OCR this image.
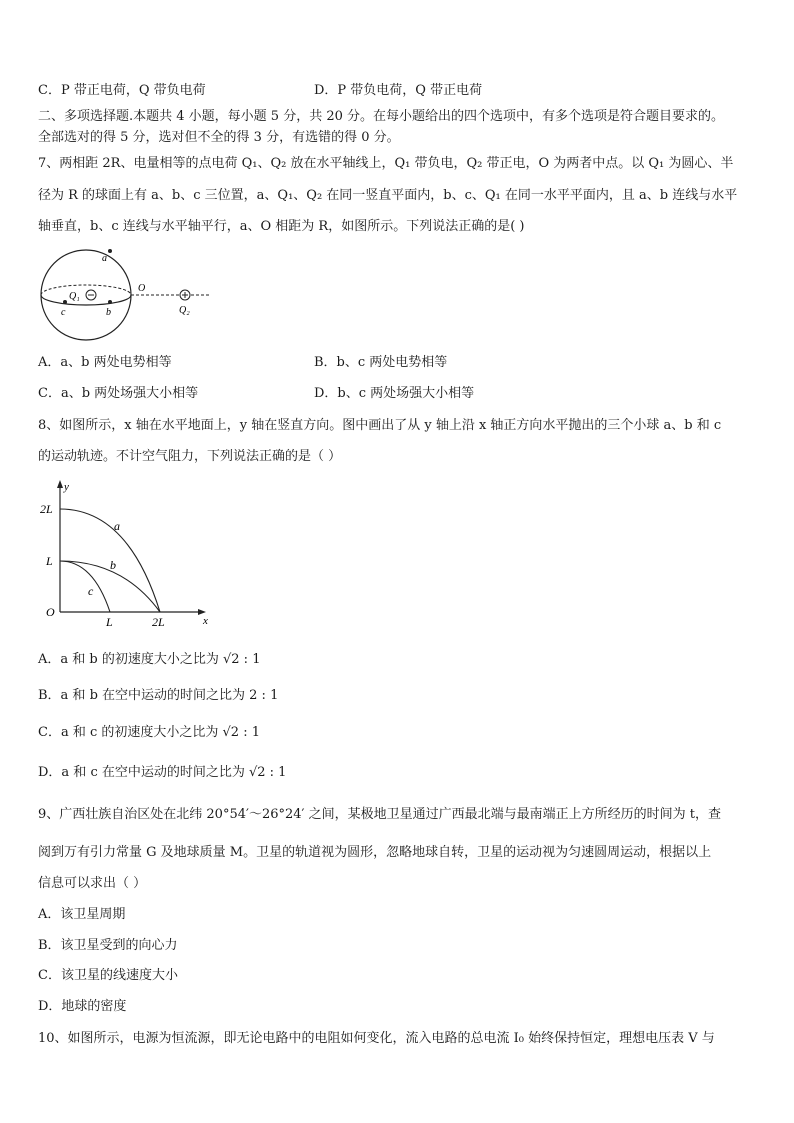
C．P 带正电荷，Q 带负电荷	D．P 带负电荷，Q 带正电荷
二、多项选择题.本题共 4 小题，每小题 5 分，共 20 分。在每小题给出的四个选项中，有多个选项是符合题目要求的。
全部选对的得 5 分，选对但不全的得 3 分，有选错的得 0 分。
7、两相距 2R、电量相等的点电荷 Q₁、Q₂ 放在水平轴线上，Q₁ 带负电，Q₂ 带正电，O 为两者中点。以 Q₁ 为圆心、半
径为 R 的球面上有 a、b、c 三位置，a、Q₁、Q₂ 在同一竖直平面内，b、c、Q₁ 在同一水平平面内，且 a、b 连线与水平
轴垂直，b、c 连线与水平轴平行，a、O 相距为 R，如图所示。下列说法正确的是( )
a
c	b
Q₁
O
Q₂
A．a、b 两处电势相等	B．b、c 两处电势相等
C．a、b 两处场强大小相等	D．b、c 两处场强大小相等
8、如图所示，x 轴在水平地面上，y 轴在竖直方向。图中画出了从 y 轴上沿 x 轴正方向水平抛出的三个小球 a、b 和 c
的运动轨迹。不计空气阻力，下列说法正确的是（ ）
y
x
2L
L
O
L	2L
a
b
c
A．a 和 b 的初速度大小之比为 √2 : 1
B．a 和 b 在空中运动的时间之比为 2 : 1
C．a 和 c 的初速度大小之比为 √2 : 1
D．a 和 c 在空中运动的时间之比为 √2 : 1
9、广西壮族自治区处在北纬 20°54′～26°24′ 之间，某极地卫星通过广西最北端与最南端正上方所经历的时间为 t，查
阅到万有引力常量 G 及地球质量 M。卫星的轨道视为圆形，忽略地球自转，卫星的运动视为匀速圆周运动，根据以上
信息可以求出（ ）
A．该卫星周期
B．该卫星受到的向心力
C．该卫星的线速度大小
D．地球的密度
10、如图所示，电源为恒流源，即无论电路中的电阻如何变化，流入电路的总电流 I₀ 始终保持恒定，理想电压表 V 与
